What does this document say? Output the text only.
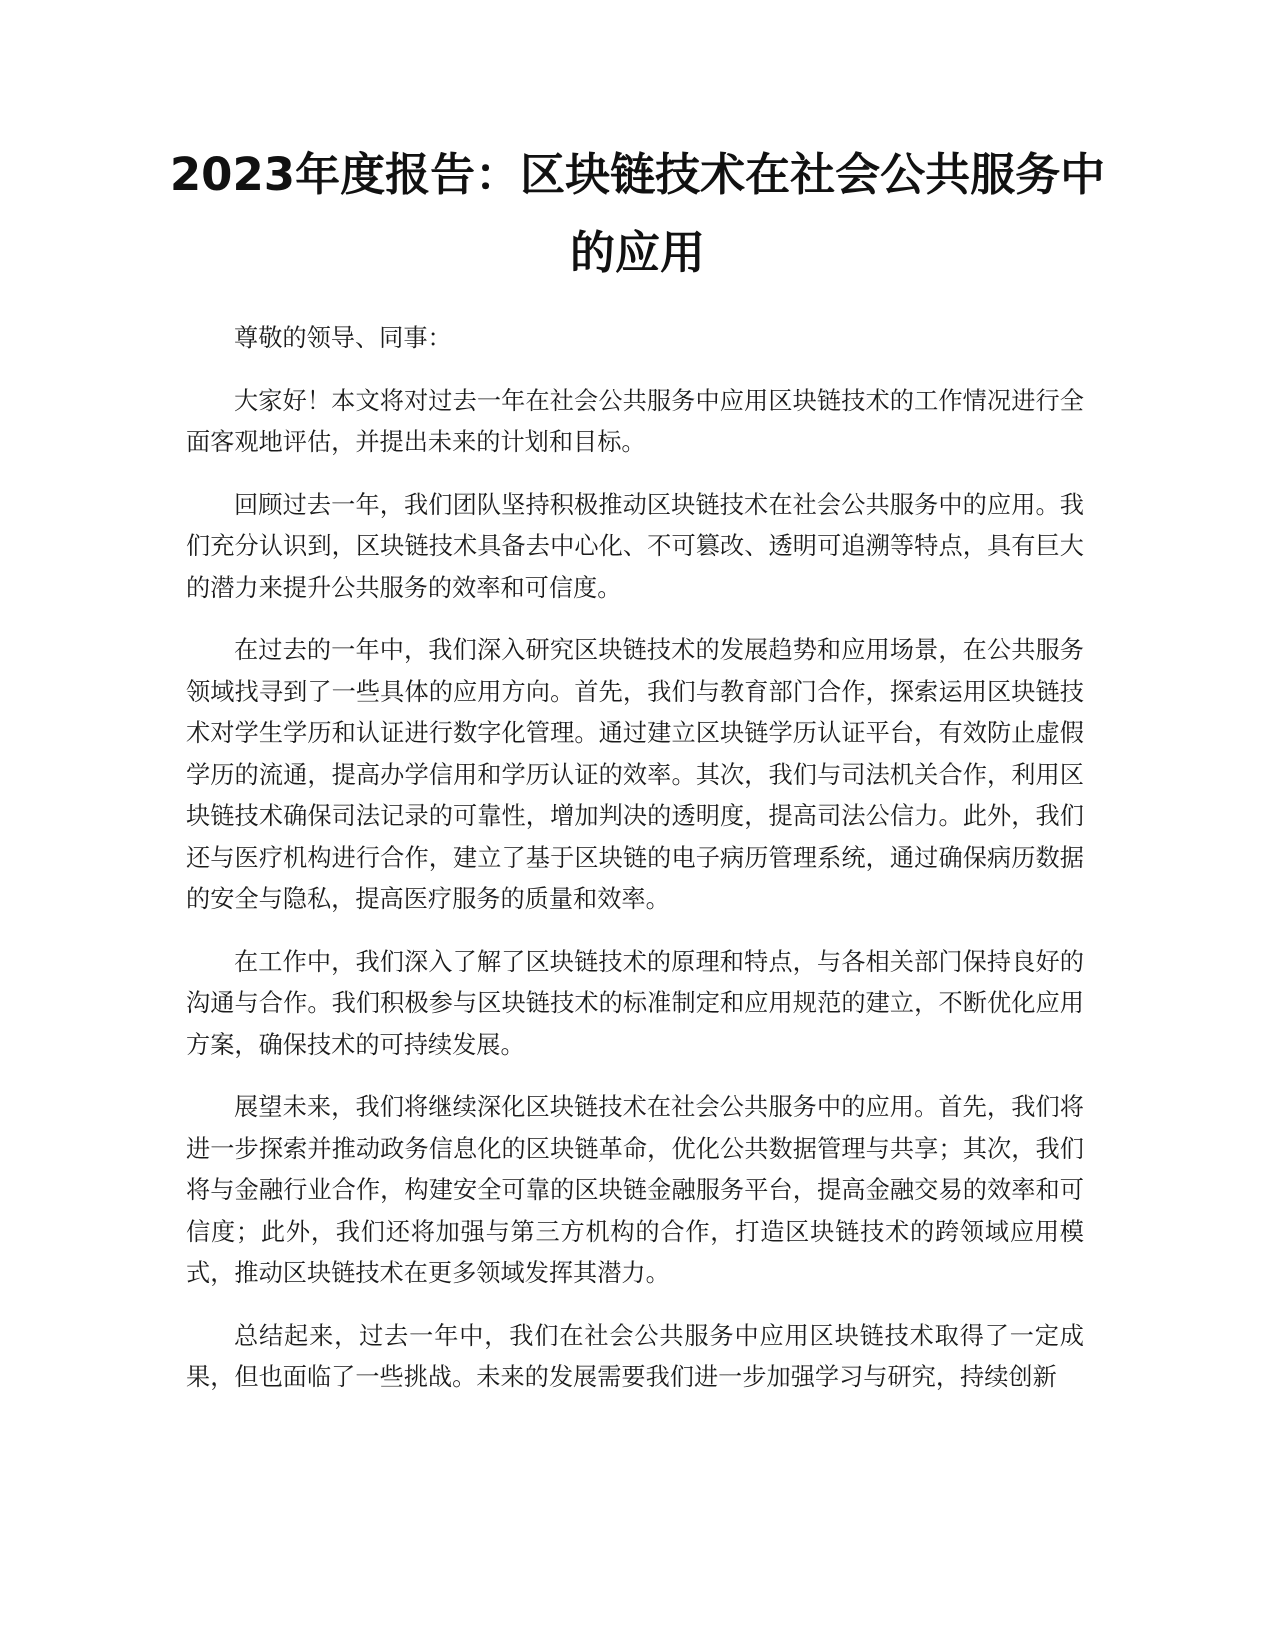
2023年度报告：区块链技术在社会公共服务中的应用

尊敬的领导、同事：

大家好！本文将对过去一年在社会公共服务中应用区块链技术的工作情况进行全面客观地评估，并提出未来的计划和目标。

回顾过去一年，我们团队坚持积极推动区块链技术在社会公共服务中的应用。我们充分认识到，区块链技术具备去中心化、不可篡改、透明可追溯等特点，具有巨大的潜力来提升公共服务的效率和可信度。

在过去的一年中，我们深入研究区块链技术的发展趋势和应用场景，在公共服务领域找寻到了一些具体的应用方向。首先，我们与教育部门合作，探索运用区块链技术对学生学历和认证进行数字化管理。通过建立区块链学历认证平台，有效防止虚假学历的流通，提高办学信用和学历认证的效率。其次，我们与司法机关合作，利用区块链技术确保司法记录的可靠性，增加判决的透明度，提高司法公信力。此外，我们还与医疗机构进行合作，建立了基于区块链的电子病历管理系统，通过确保病历数据的安全与隐私，提高医疗服务的质量和效率。

在工作中，我们深入了解了区块链技术的原理和特点，与各相关部门保持良好的沟通与合作。我们积极参与区块链技术的标准制定和应用规范的建立，不断优化应用方案，确保技术的可持续发展。

展望未来，我们将继续深化区块链技术在社会公共服务中的应用。首先，我们将进一步探索并推动政务信息化的区块链革命，优化公共数据管理与共享；其次，我们将与金融行业合作，构建安全可靠的区块链金融服务平台，提高金融交易的效率和可信度；此外，我们还将加强与第三方机构的合作，打造区块链技术的跨领域应用模式，推动区块链技术在更多领域发挥其潜力。

总结起来，过去一年中，我们在社会公共服务中应用区块链技术取得了一定成果，但也面临了一些挑战。未来的发展需要我们进一步加强学习与研究，持续创新
